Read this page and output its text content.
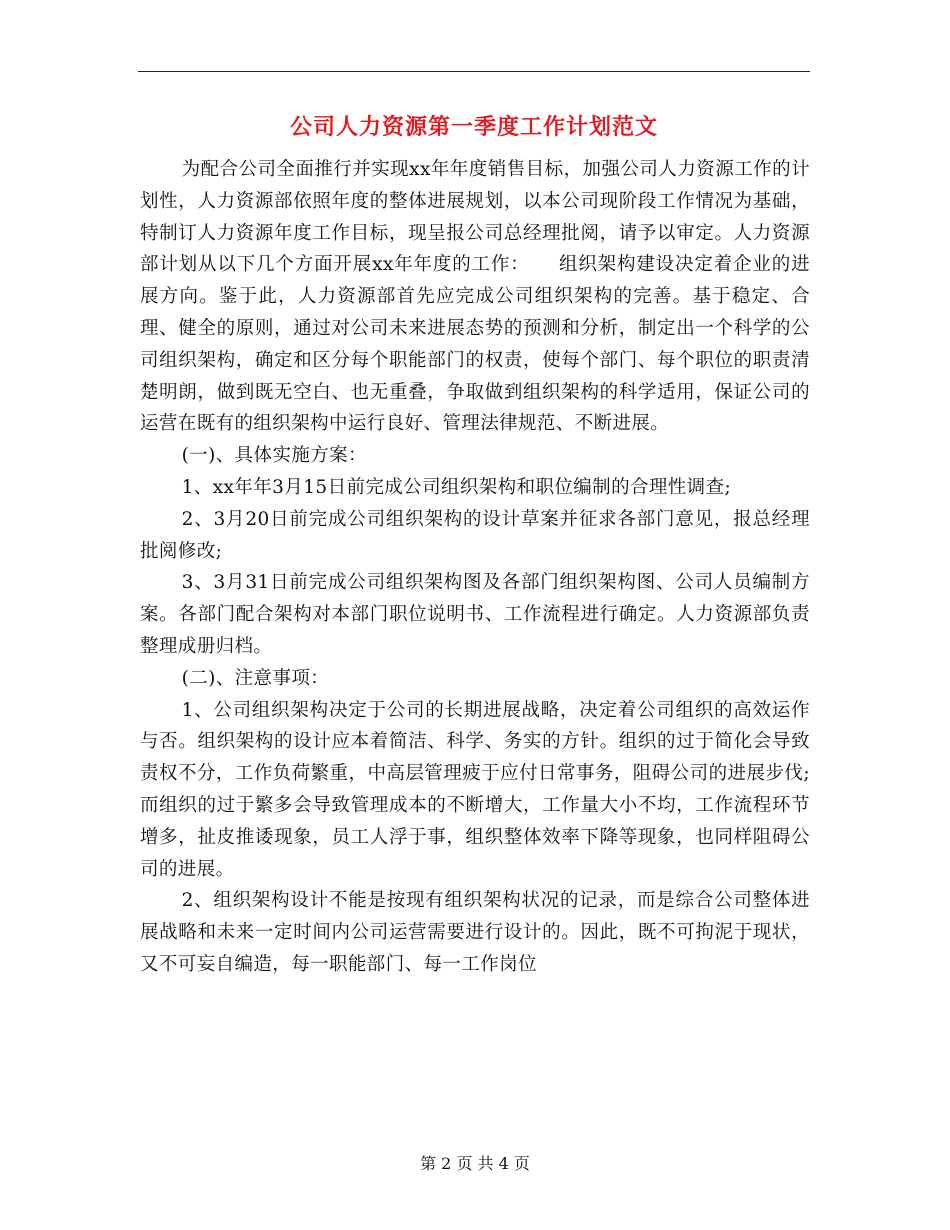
公司人力资源第一季度工作计划范文

为配合公司全面推行并实现xx年年度销售目标，加强公司人力资源工作的计划性，人力资源部依照年度的整体进展规划，以本公司现阶段工作情况为基础，特制订人力资源年度工作目标，现呈报公司总经理批阅，请予以审定。人力资源部计划从以下几个方面开展xx年年度的工作：　　组织架构建设决定着企业的进展方向。鉴于此，人力资源部首先应完成公司组织架构的完善。基于稳定、合理、健全的原则，通过对公司未来进展态势的预测和分析，制定出一个科学的公司组织架构，确定和区分每个职能部门的权责，使每个部门、每个职位的职责清楚明朗，做到既无空白、也无重叠，争取做到组织架构的科学适用，保证公司的运营在既有的组织架构中运行良好、管理法律规范、不断进展。

(一)、具体实施方案：

1、xx年年3月15日前完成公司组织架构和职位编制的合理性调查;

2、3月20日前完成公司组织架构的设计草案并征求各部门意见，报总经理批阅修改;

3、3月31日前完成公司组织架构图及各部门组织架构图、公司人员编制方案。各部门配合架构对本部门职位说明书、工作流程进行确定。人力资源部负责整理成册归档。

(二)、注意事项：

1、公司组织架构决定于公司的长期进展战略，决定着公司组织的高效运作与否。组织架构的设计应本着简洁、科学、务实的方针。组织的过于简化会导致责权不分，工作负荷繁重，中高层管理疲于应付日常事务，阻碍公司的进展步伐;而组织的过于繁多会导致管理成本的不断增大，工作量大小不均，工作流程环节增多，扯皮推诿现象，员工人浮于事，组织整体效率下降等现象，也同样阻碍公司的进展。

2、组织架构设计不能是按现有组织架构状况的记录，而是综合公司整体进展战略和未来一定时间内公司运营需要进行设计的。因此，既不可拘泥于现状，又不可妄自编造，每一职能部门、每一工作岗位

第 2 页 共 4 页
